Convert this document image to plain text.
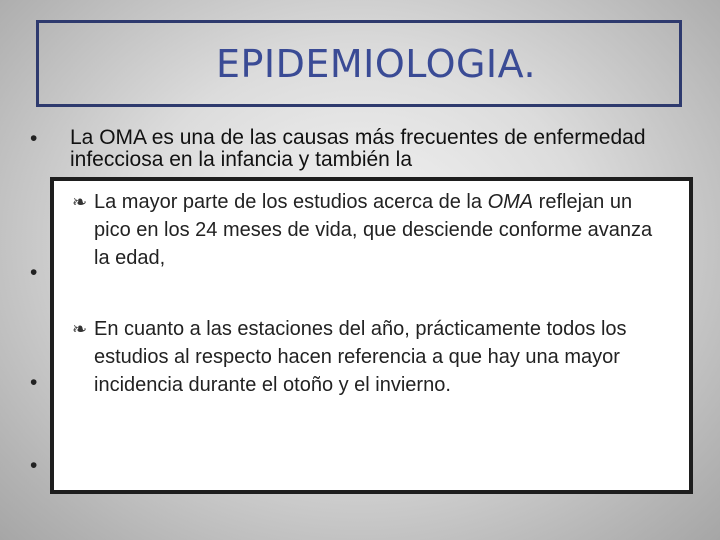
EPIDEMIOLOGIA.
• La OMA es una de las causas más frecuentes de enfermedad infecciosa en la infancia y también la

•
•
•
❧ La mayor parte de los estudios acerca de la OMA reflejan un pico en los 24 meses de vida, que desciende conforme avanza la edad,
❧ En cuanto a las estaciones del año, prácticamente todos los estudios al respecto hacen referencia a que hay una mayor incidencia durante el otoño y el invierno.
